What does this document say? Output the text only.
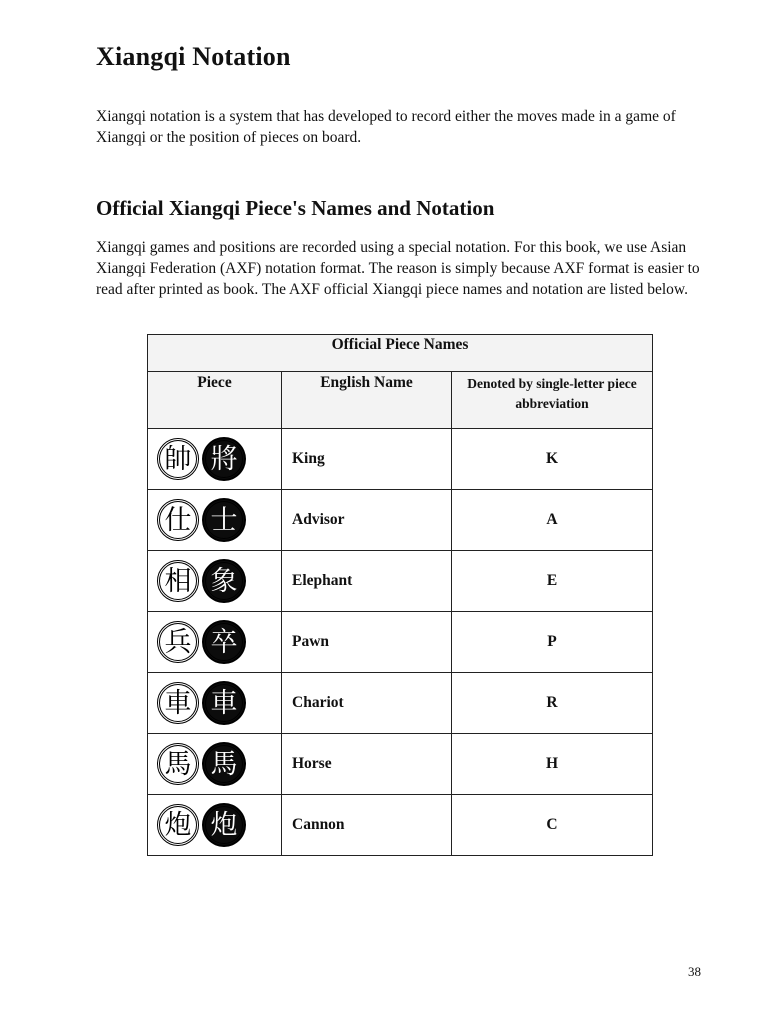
Xiangqi Notation

Xiangqi notation is a system that has developed to record either the moves made in a game of Xiangqi or the position of pieces on board.

Official Xiangqi Piece's Names and Notation

Xiangqi games and positions are recorded using a special notation. For this book, we use Asian Xiangqi Federation (AXF) notation format. The reason is simply because AXF format is easier to read after printed as book. The AXF official Xiangqi piece names and notation are listed below.

Official Piece Names		
Piece	English Name	Denoted by single-letter piece abbreviation
帥 將	King	K
仕 士	Advisor	A
相 象	Elephant	E
兵 卒	Pawn	P
車 車	Chariot	R
馬 馬	Horse	H
炮 炮	Cannon	C
38
